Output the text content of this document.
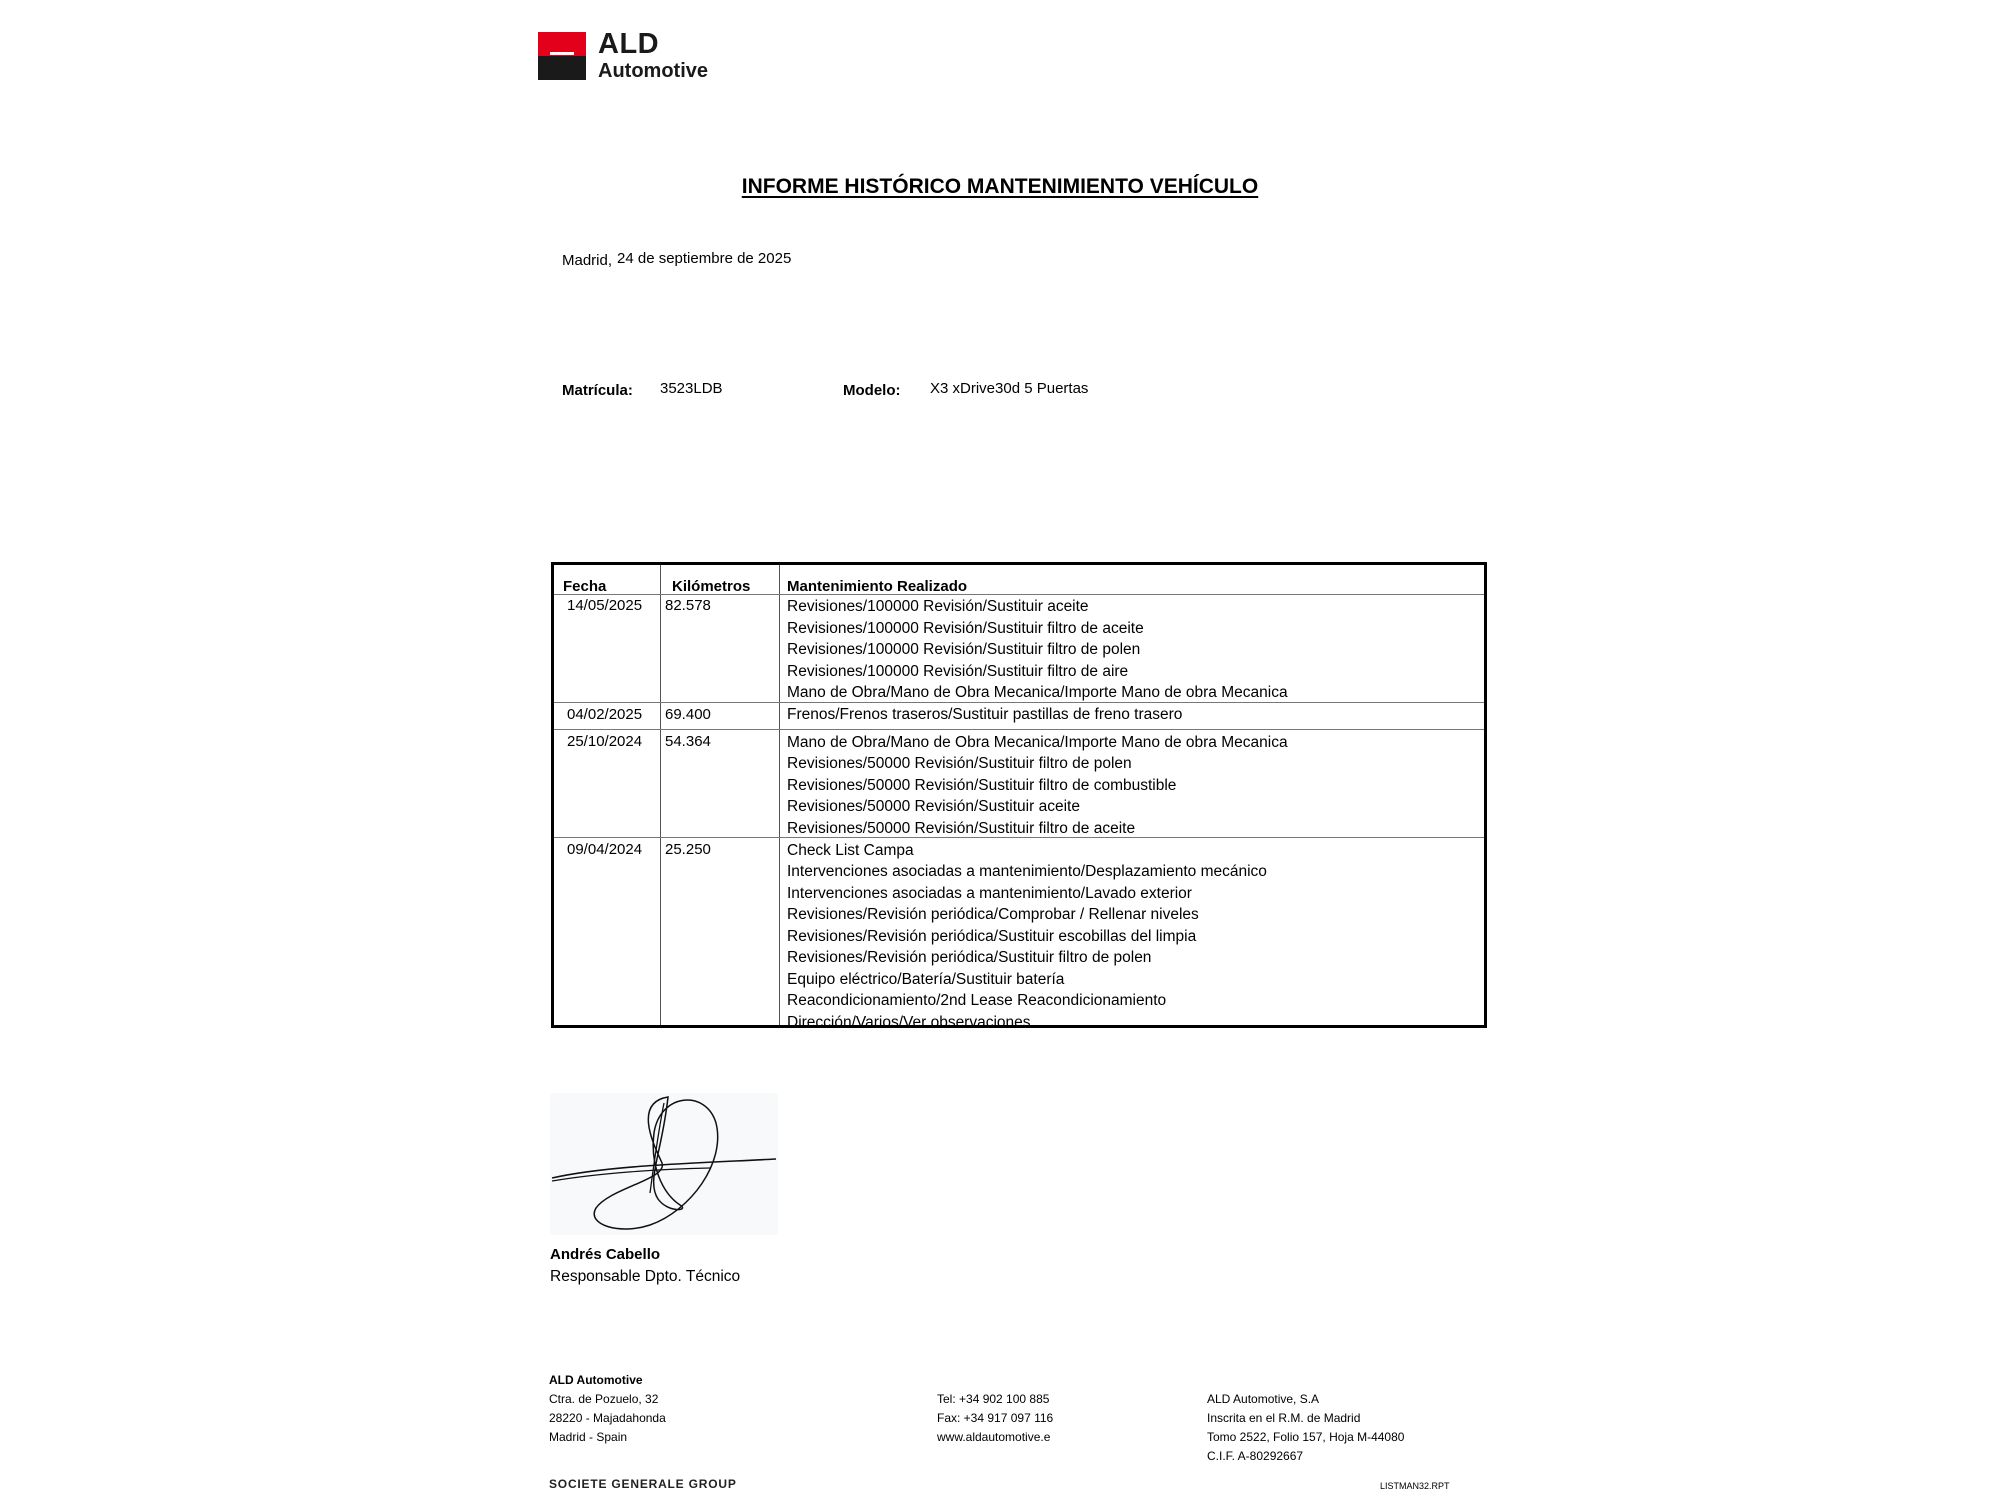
ALD
Automotive
INFORME HISTÓRICO MANTENIMIENTO VEHÍCULO
Madrid, 24 de septiembre de 2025
Matrícula: 3523LDB	Modelo: X3 xDrive30d 5 Puertas
Fecha	Kilómetros Mantenimiento Realizado
14/05/2025 82.578	Revisiones/100000 Revisión/Sustituir aceite
Revisiones/100000 Revisión/Sustituir filtro de aceite
Revisiones/100000 Revisión/Sustituir filtro de polen
Revisiones/100000 Revisión/Sustituir filtro de aire
Mano de Obra/Mano de Obra Mecanica/Importe Mano de obra Mecanica
04/02/2025 69.400	Frenos/Frenos traseros/Sustituir pastillas de freno trasero
25/10/2024 54.364	Mano de Obra/Mano de Obra Mecanica/Importe Mano de obra Mecanica
Revisiones/50000 Revisión/Sustituir filtro de polen
Revisiones/50000 Revisión/Sustituir filtro de combustible
Revisiones/50000 Revisión/Sustituir aceite
Revisiones/50000 Revisión/Sustituir filtro de aceite
09/04/2024 25.250	Check List Campa
Intervenciones asociadas a mantenimiento/Desplazamiento mecánico
Intervenciones asociadas a mantenimiento/Lavado exterior
Revisiones/Revisión periódica/Comprobar / Rellenar niveles
Revisiones/Revisión periódica/Sustituir escobillas del limpia
Revisiones/Revisión periódica/Sustituir filtro de polen
Equipo eléctrico/Batería/Sustituir batería
Reacondicionamiento/2nd Lease Reacondicionamiento
Dirección/Varios/Ver observaciones
Andrés Cabello
Responsable Dpto. Técnico
ALD Automotive
Ctra. de Pozuelo, 32
28220 - Majadahonda
Madrid - Spain
Tel: +34 902 100 885
Fax: +34 917 097 116
www.aldautomotive.e
ALD Automotive, S.A
Inscrita en el R.M. de Madrid
Tomo 2522, Folio 157, Hoja M-44080
C.I.F. A-80292667
SOCIETE GENERALE GROUP	LISTMAN32.RPT
